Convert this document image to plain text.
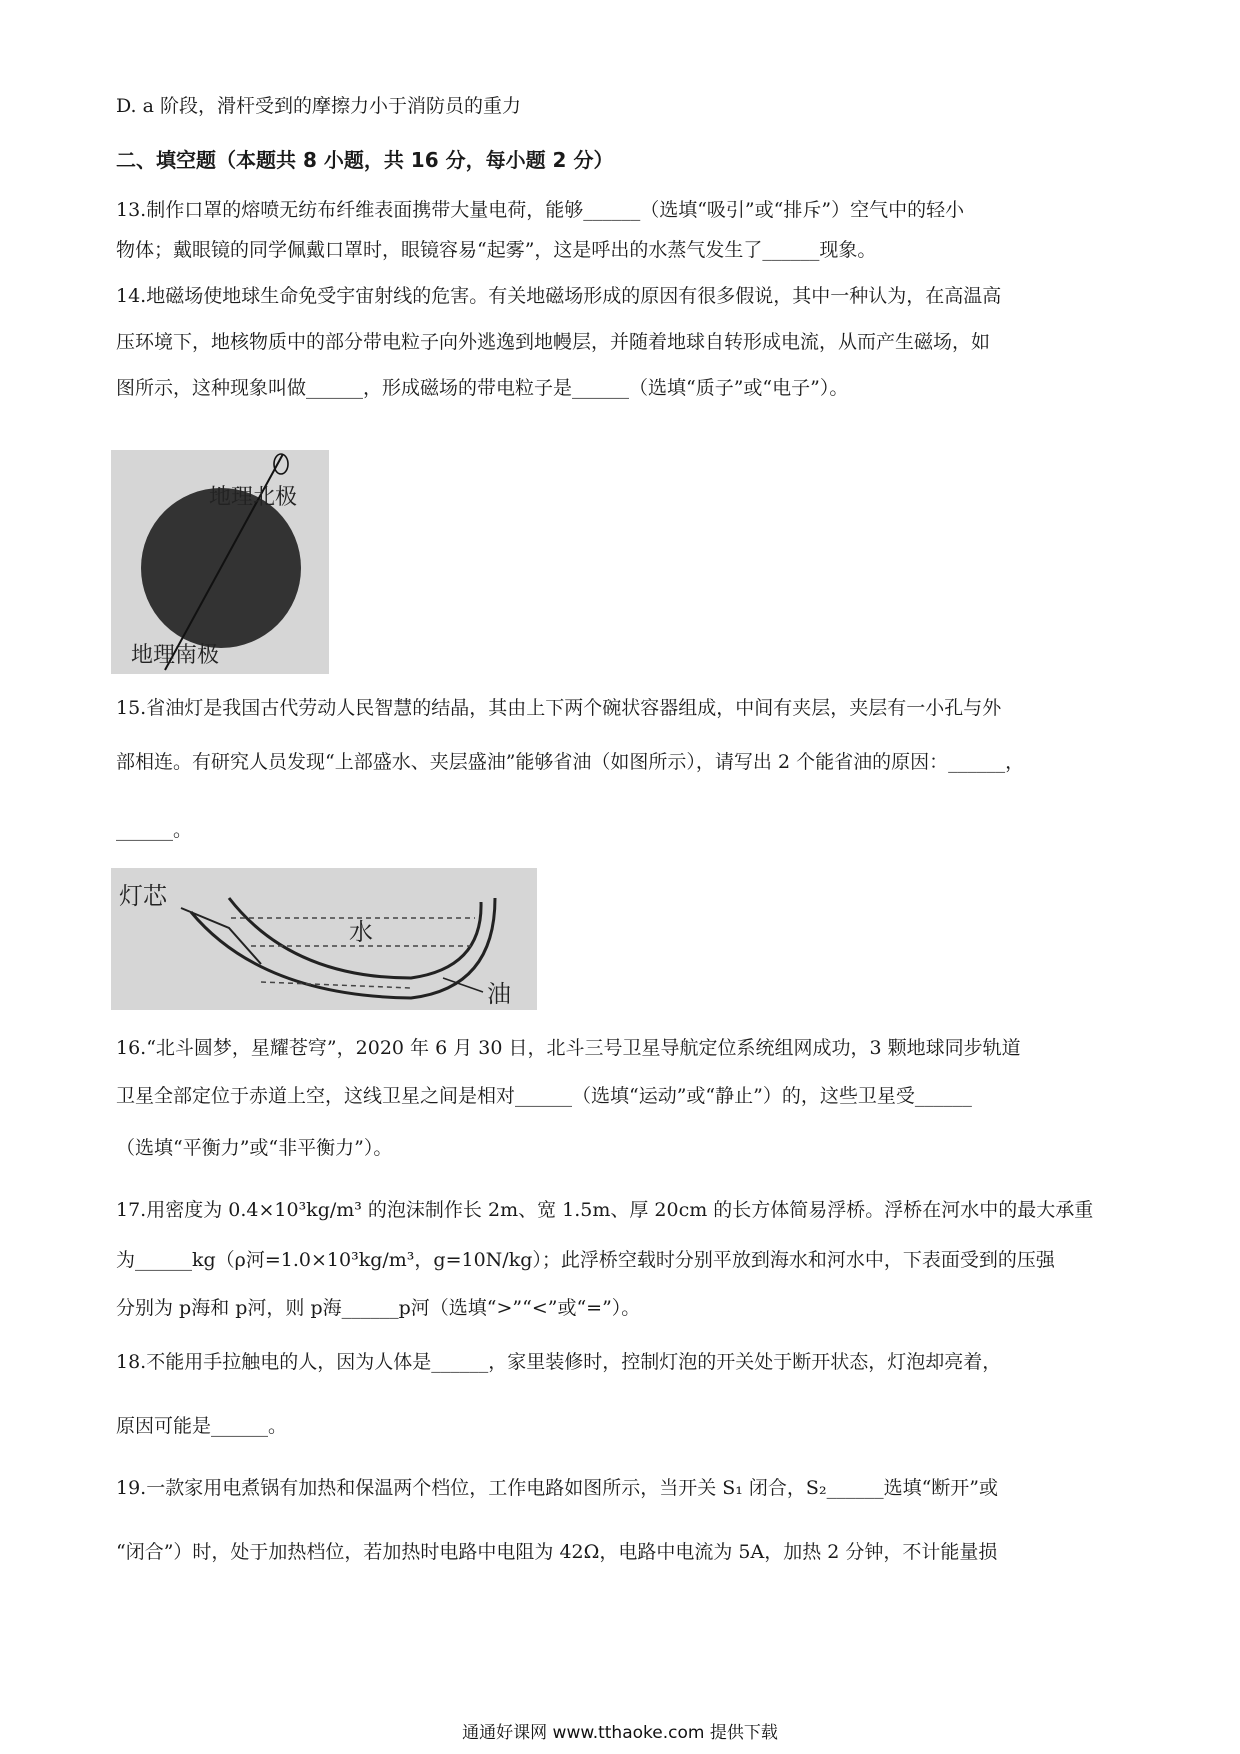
D. a 阶段，滑杆受到的摩擦力小于消防员的重力
二、填空题（本题共 8 小题，共 16 分，每小题 2 分）
13.制作口罩的熔喷无纺布纤维表面携带大量电荷，能够______（选填“吸引”或“排斥”）空气中的轻小
物体；戴眼镜的同学佩戴口罩时，眼镜容易“起雾”，这是呼出的水蒸气发生了______现象。
14.地磁场使地球生命免受宇宙射线的危害。有关地磁场形成的原因有很多假说，其中一种认为，在高温高
压环境下，地核物质中的部分带电粒子向外逃逸到地幔层，并随着地球自转形成电流，从而产生磁场，如
图所示，这种现象叫做______，形成磁场的带电粒子是______（选填“质子”或“电子”）。
地理北极
地理南极
15.省油灯是我国古代劳动人民智慧的结晶，其由上下两个碗状容器组成，中间有夹层，夹层有一小孔与外
部相连。有研究人员发现“上部盛水、夹层盛油”能够省油（如图所示），请写出 2 个能省油的原因：______，
______。
灯芯
水
油
16.“北斗圆梦，星耀苍穹”，2020 年 6 月 30 日，北斗三号卫星导航定位系统组网成功，3 颗地球同步轨道
卫星全部定位于赤道上空，这线卫星之间是相对______（选填“运动”或“静止”）的，这些卫星受______
（选填“平衡力”或“非平衡力”）。
17.用密度为 0.4×10³kg/m³ 的泡沫制作长 2m、宽 1.5m、厚 20cm 的长方体简易浮桥。浮桥在河水中的最大承重
为______kg（ρ河=1.0×10³kg/m³，g=10N/kg）；此浮桥空载时分别平放到海水和河水中，下表面受到的压强
分别为 p海和 p河，则 p海______p河（选填“>”“<”或“=”）。
18.不能用手拉触电的人，因为人体是______，家里装修时，控制灯泡的开关处于断开状态，灯泡却亮着，
原因可能是______。
19.一款家用电煮锅有加热和保温两个档位，工作电路如图所示，当开关 S₁ 闭合，S₂______选填“断开”或
“闭合”）时，处于加热档位，若加热时电路中电阻为 42Ω，电路中电流为 5A，加热 2 分钟，不计能量损
通通好课网 www.tthaoke.com 提供下载
